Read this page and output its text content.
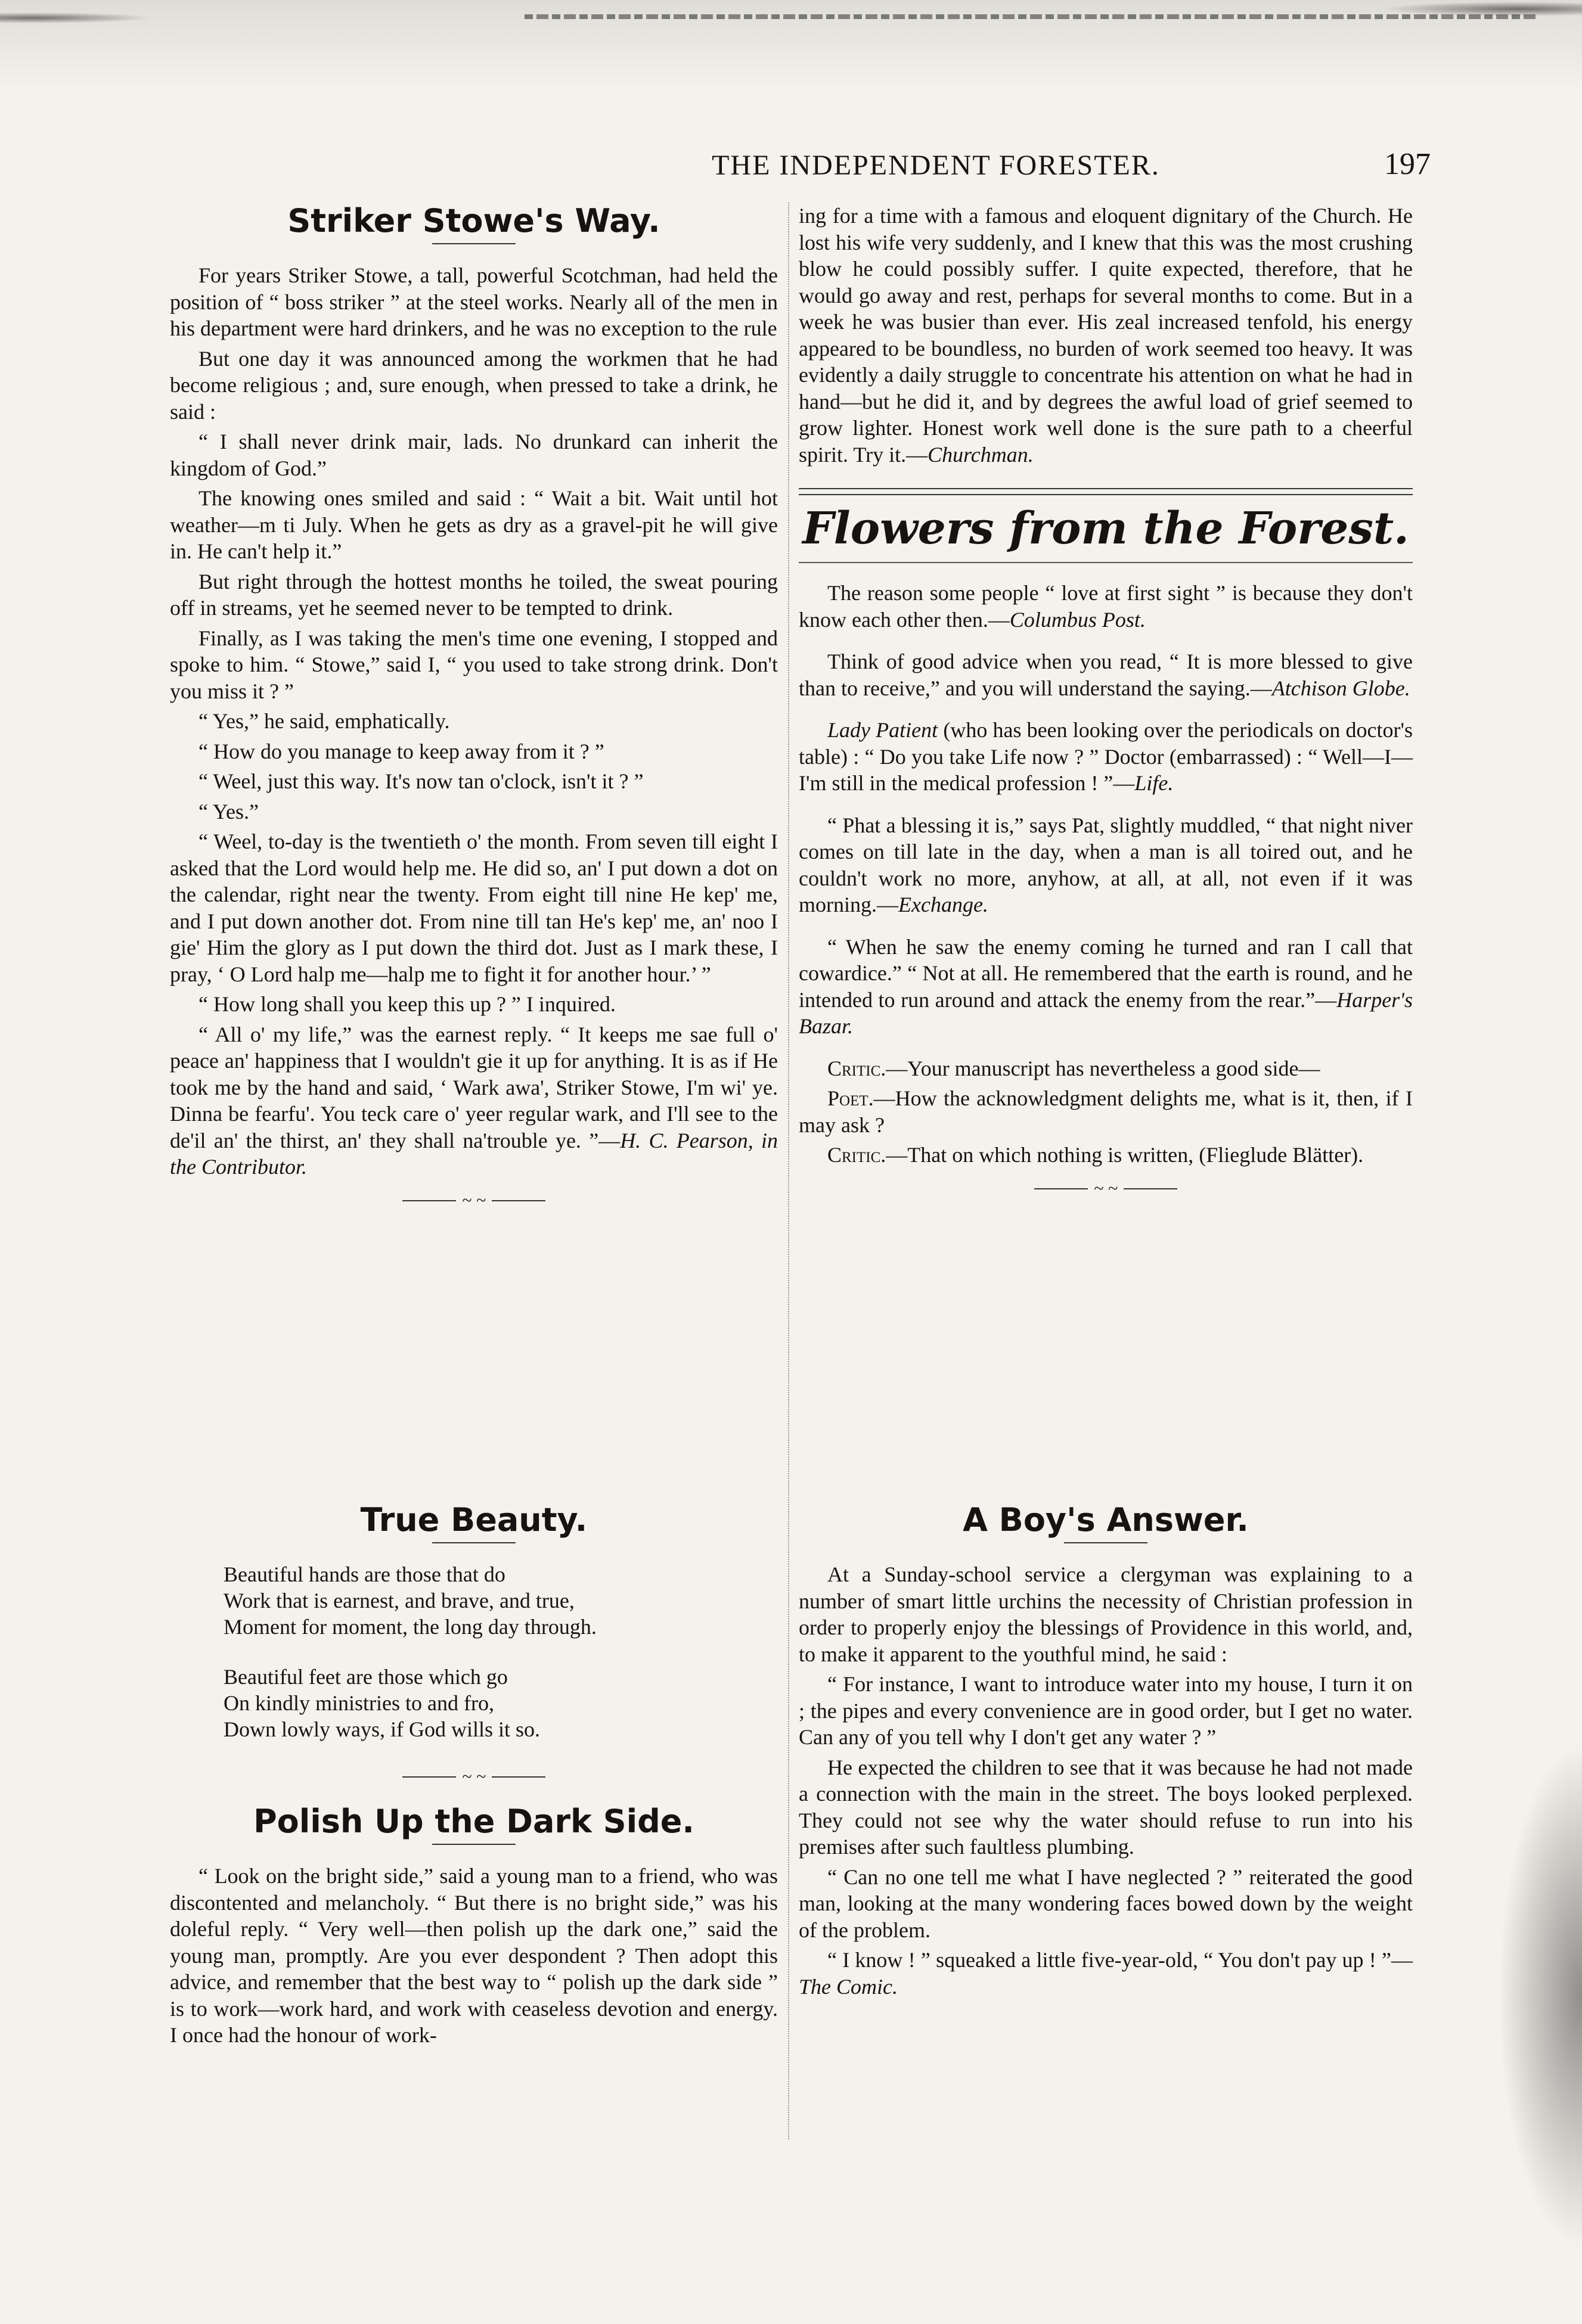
THE INDEPENDENT FORESTER.	197
Striker Stowe's Way.

For years Striker Stowe, a tall, powerful Scotchman, had held the position of “ boss striker ” at the steel works. Nearly all of the men in his department were hard drinkers, and he was no exception to the rule

But one day it was announced among the workmen that he had become religious ; and, sure enough, when pressed to take a drink, he said :

“ I shall never drink mair, lads. No drunkard can inherit the kingdom of God.”

The knowing ones smiled and said : “ Wait a bit. Wait until hot weather—m ti July. When he gets as dry as a gravel-pit he will give in. He can't help it.”

But right through the hottest months he toiled, the sweat pouring off in streams, yet he seemed never to be tempted to drink.

Finally, as I was taking the men's time one evening, I stopped and spoke to him. “ Stowe,” said I, “ you used to take strong drink. Don't you miss it ? ”

“ Yes,” he said, emphatically.

“ How do you manage to keep away from it ? ”

“ Weel, just this way. It's now tan o'clock, isn't it ? ”

“ Yes.”

“ Weel, to-day is the twentieth o' the month. From seven till eight I asked that the Lord would help me. He did so, an' I put down a dot on the calendar, right near the twenty. From eight till nine He kep' me, and I put down another dot. From nine till tan He's kep' me, an' noo I gie' Him the glory as I put down the third dot. Just as I mark these, I pray, ‘ O Lord halp me—halp me to fight it for another hour.’ ”

“ How long shall you keep this up ? ” I inquired.

“ All o' my life,” was the earnest reply. “ It keeps me sae full o' peace an' happiness that I wouldn't gie it up for anything. It is as if He took me by the hand and said, ‘ Wark awa', Striker Stowe, I'm wi' ye. Dinna be fearfu'. You teck care o' yeer regular wark, and I'll see to the de'il an' the thirst, an' they shall na'trouble ye. ”—H. C. Pearson, in the Contributor.

~ ~

ing for a time with a famous and eloquent dignitary of the Church. He lost his wife very suddenly, and I knew that this was the most crushing blow he could possibly suffer. I quite expected, therefore, that he would go away and rest, perhaps for several months to come. But in a week he was busier than ever. His zeal increased tenfold, his energy appeared to be boundless, no burden of work seemed too heavy. It was evidently a daily struggle to concentrate his attention on what he had in hand—but he did it, and by degrees the awful load of grief seemed to grow lighter. Honest work well done is the sure path to a cheerful spirit. Try it.—Churchman.

Flowers from the Forest.

The reason some people “ love at first sight ” is because they don't know each other then.—Columbus Post.

Think of good advice when you read, “ It is more blessed to give than to receive,” and you will understand the saying.—Atchison Globe.

Lady Patient (who has been looking over the periodicals on doctor's table) : “ Do you take Life now ? ” Doctor (embarrassed) : “ Well—I—I'm still in the medical profession ! ”—Life.

“ Phat a blessing it is,” says Pat, slightly muddled, “ that night niver comes on till late in the day, when a man is all toired out, and he couldn't work no more, anyhow, at all, at all, not even if it was morning.—Exchange.

“ When he saw the enemy coming he turned and ran I call that cowardice.” “ Not at all. He remembered that the earth is round, and he intended to run around and attack the enemy from the rear.”—Harper's Bazar.

Critic.—Your manuscript has nevertheless a good side—

Poet.—How the acknowledgment delights me, what is it, then, if I may ask ?

Critic.—That on which nothing is written, (Flieglude Blätter).

~ ~
True Beauty.
Beautiful hands are those that do
Work that is earnest, and brave, and true,
Moment for moment, the long day through.
Beautiful feet are those which go
On kindly ministries to and fro,
Down lowly ways, if God wills it so.
~ ~
Polish Up the Dark Side.

“ Look on the bright side,” said a young man to a friend, who was discontented and melancholy. “ But there is no bright side,” was his doleful reply. “ Very well—then polish up the dark one,” said the young man, promptly. Are you ever despondent ? Then adopt this advice, and remember that the best way to “ polish up the dark side ” is to work—work hard, and work with ceaseless devotion and energy. I once had the honour of work-

A Boy's Answer.

At a Sunday-school service a clergyman was explaining to a number of smart little urchins the necessity of Christian profession in order to properly enjoy the blessings of Providence in this world, and, to make it apparent to the youthful mind, he said :

“ For instance, I want to introduce water into my house, I turn it on ; the pipes and every convenience are in good order, but I get no water. Can any of you tell why I don't get any water ? ”

He expected the children to see that it was because he had not made a connection with the main in the street. The boys looked perplexed. They could not see why the water should refuse to run into his premises after such faultless plumbing.

“ Can no one tell me what I have neglected ? ” reiterated the good man, looking at the many wondering faces bowed down by the weight of the problem.

“ I know ! ” squeaked a little five-year-old, “ You don't pay up ! ”—The Comic.
